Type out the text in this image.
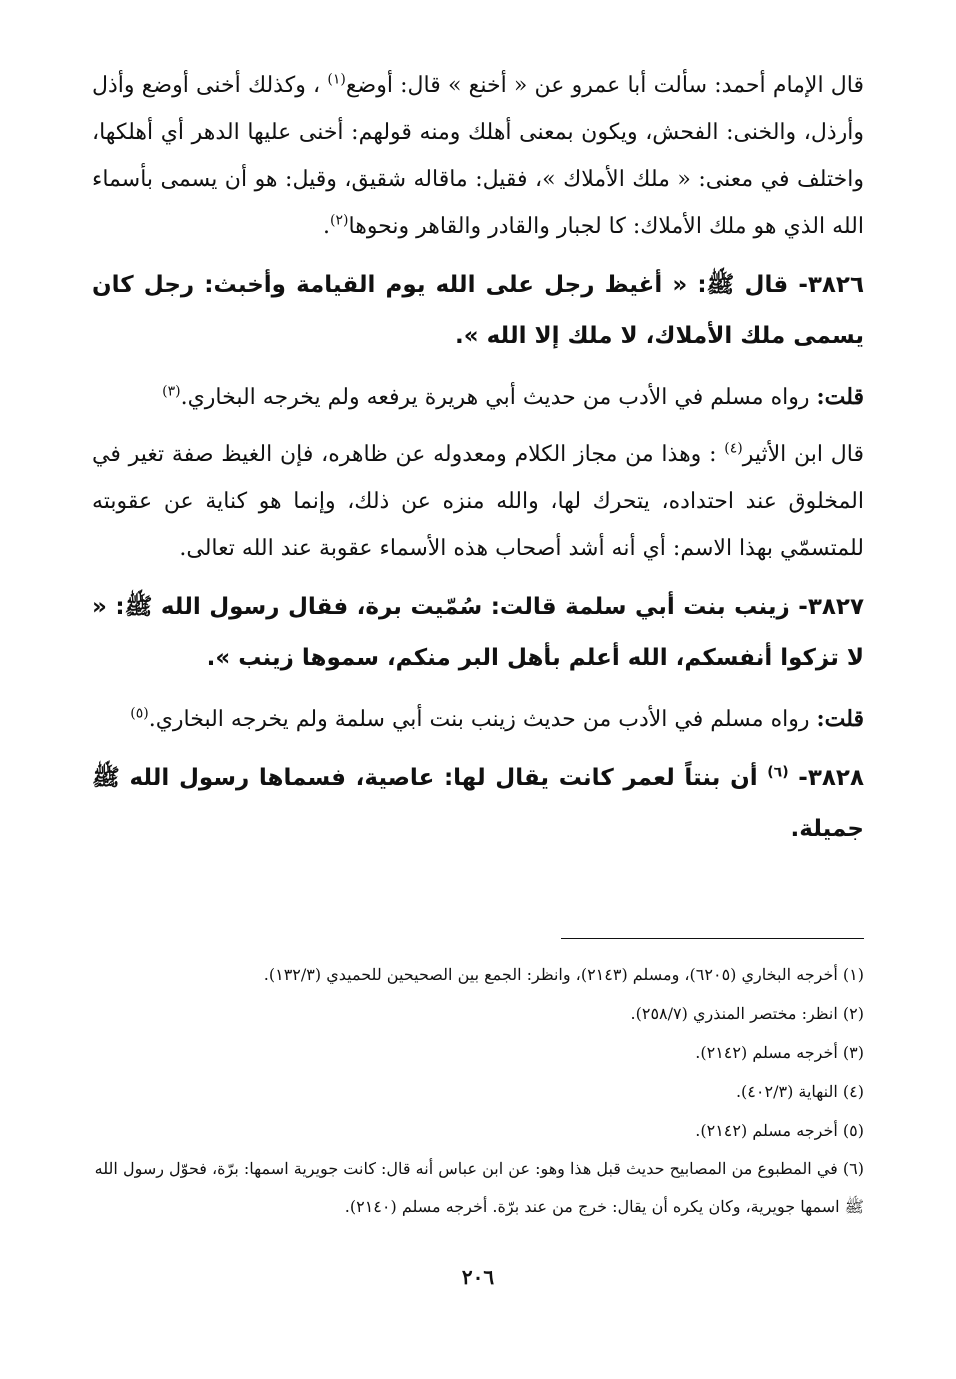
قال الإمام أحمد: سألت أبا عمرو عن « أخنع » قال: أوضع$^{(١)}$ ، وكذلك أخنى أوضع وأذل وأرذل، والخنى: الفحش، ويكون بمعنى أهلك ومنه قولهم: أخنى عليها الدهر أي أهلكها، واختلف في معنى: « ملك الأملاك »، فقيل: ماقاله شقيق، وقيل: هو أن يسمى بأسماء الله الذي هو ملك الأملاك: كا لجبار والقادر والقاهر ونحوها$^{(٢)}$.

٣٨٢٦- قال ﷺ: « أغيظ رجل على الله يوم القيامة وأخبث: رجل كان يسمى ملك الأملاك، لا ملك إلا الله ».

قلت: رواه مسلم في الأدب من حديث أبي هريرة يرفعه ولم يخرجه البخاري.$^{(٣)}$

قال ابن الأثير$^{(٤)}$ : وهذا من مجاز الكلام ومعدوله عن ظاهره، فإن الغيظ صفة تغير في المخلوق عند احتداده، يتحرك لها، والله منزه عن ذلك، وإنما هو كناية عن عقوبته للمتسمّي بهذا الاسم: أي أنه أشد أصحاب هذه الأسماء عقوبة عند الله تعالى.

٣٨٢٧- زينب بنت أبي سلمة قالت: سُمّيت برة، فقال رسول الله ﷺ: « لا تزكوا أنفسكم، الله أعلم بأهل البر منكم، سموها زينب ».

قلت: رواه مسلم في الأدب من حديث زينب بنت أبي سلمة ولم يخرجه البخاري.$^{(٥)}$

٣٨٢٨- $^{(٦)}$ أن بنتاً لعمر كانت يقال لها: عاصية، فسماها رسول الله ﷺ جميلة.

(١) أخرجه البخاري (٦٢٠٥)، ومسلم (٢١٤٣)، وانظر: الجمع بين الصحيحين للحميدي (١٣٢/٣).

(٢) انظر: مختصر المنذري (٢٥٨/٧).

(٣) أخرجه مسلم (٢١٤٢).

(٤) النهاية (٤٠٢/٣).

(٥) أخرجه مسلم (٢١٤٢).

(٦) في المطبوع من المصابيح حديث قبل هذا وهو: عن ابن عباس أنه قال: كانت جويرية اسمها: برّة، فحوّل رسول الله ﷺ اسمها جويرية، وكان يكره أن يقال: خرج من عند برّة. أخرجه مسلم (٢١٤٠).

٢٠٦
